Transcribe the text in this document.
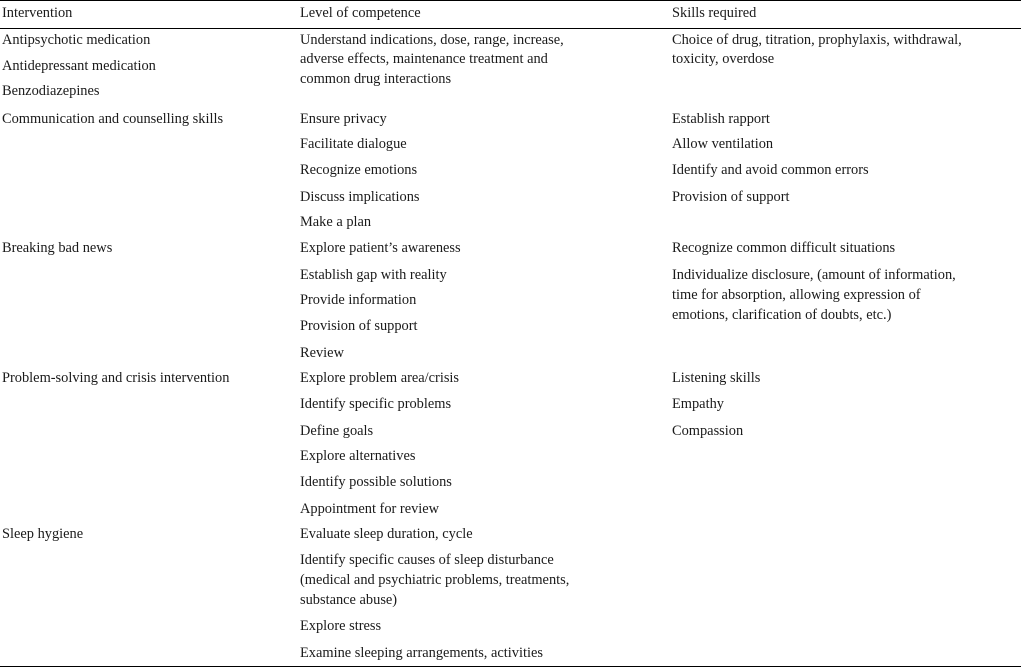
Intervention	Level of competence	Skills required
Antipsychotic medication
Antidepressant medication
Benzodiazepines
Communication and counselling skills
Breaking bad news
Problem-solving and crisis intervention
Sleep hygiene
Understand indications, dose, range, increase,
adverse effects, maintenance treatment and
common drug interactions
Ensure privacy
Facilitate dialogue
Recognize emotions
Discuss implications
Make a plan
Explore patient’s awareness
Establish gap with reality
Provide information
Provision of support
Review
Explore problem area/crisis
Identify specific problems
Define goals
Explore alternatives
Identify possible solutions
Appointment for review
Evaluate sleep duration, cycle
Identify specific causes of sleep disturbance
(medical and psychiatric problems, treatments,
substance abuse)
Explore stress
Examine sleeping arrangements, activities
Choice of drug, titration, prophylaxis, withdrawal,
toxicity, overdose
Establish rapport
Allow ventilation
Identify and avoid common errors
Provision of support
Recognize common difficult situations
Individualize disclosure, (amount of information,
time for absorption, allowing expression of
emotions, clarification of doubts, etc.)
Listening skills
Empathy
Compassion
